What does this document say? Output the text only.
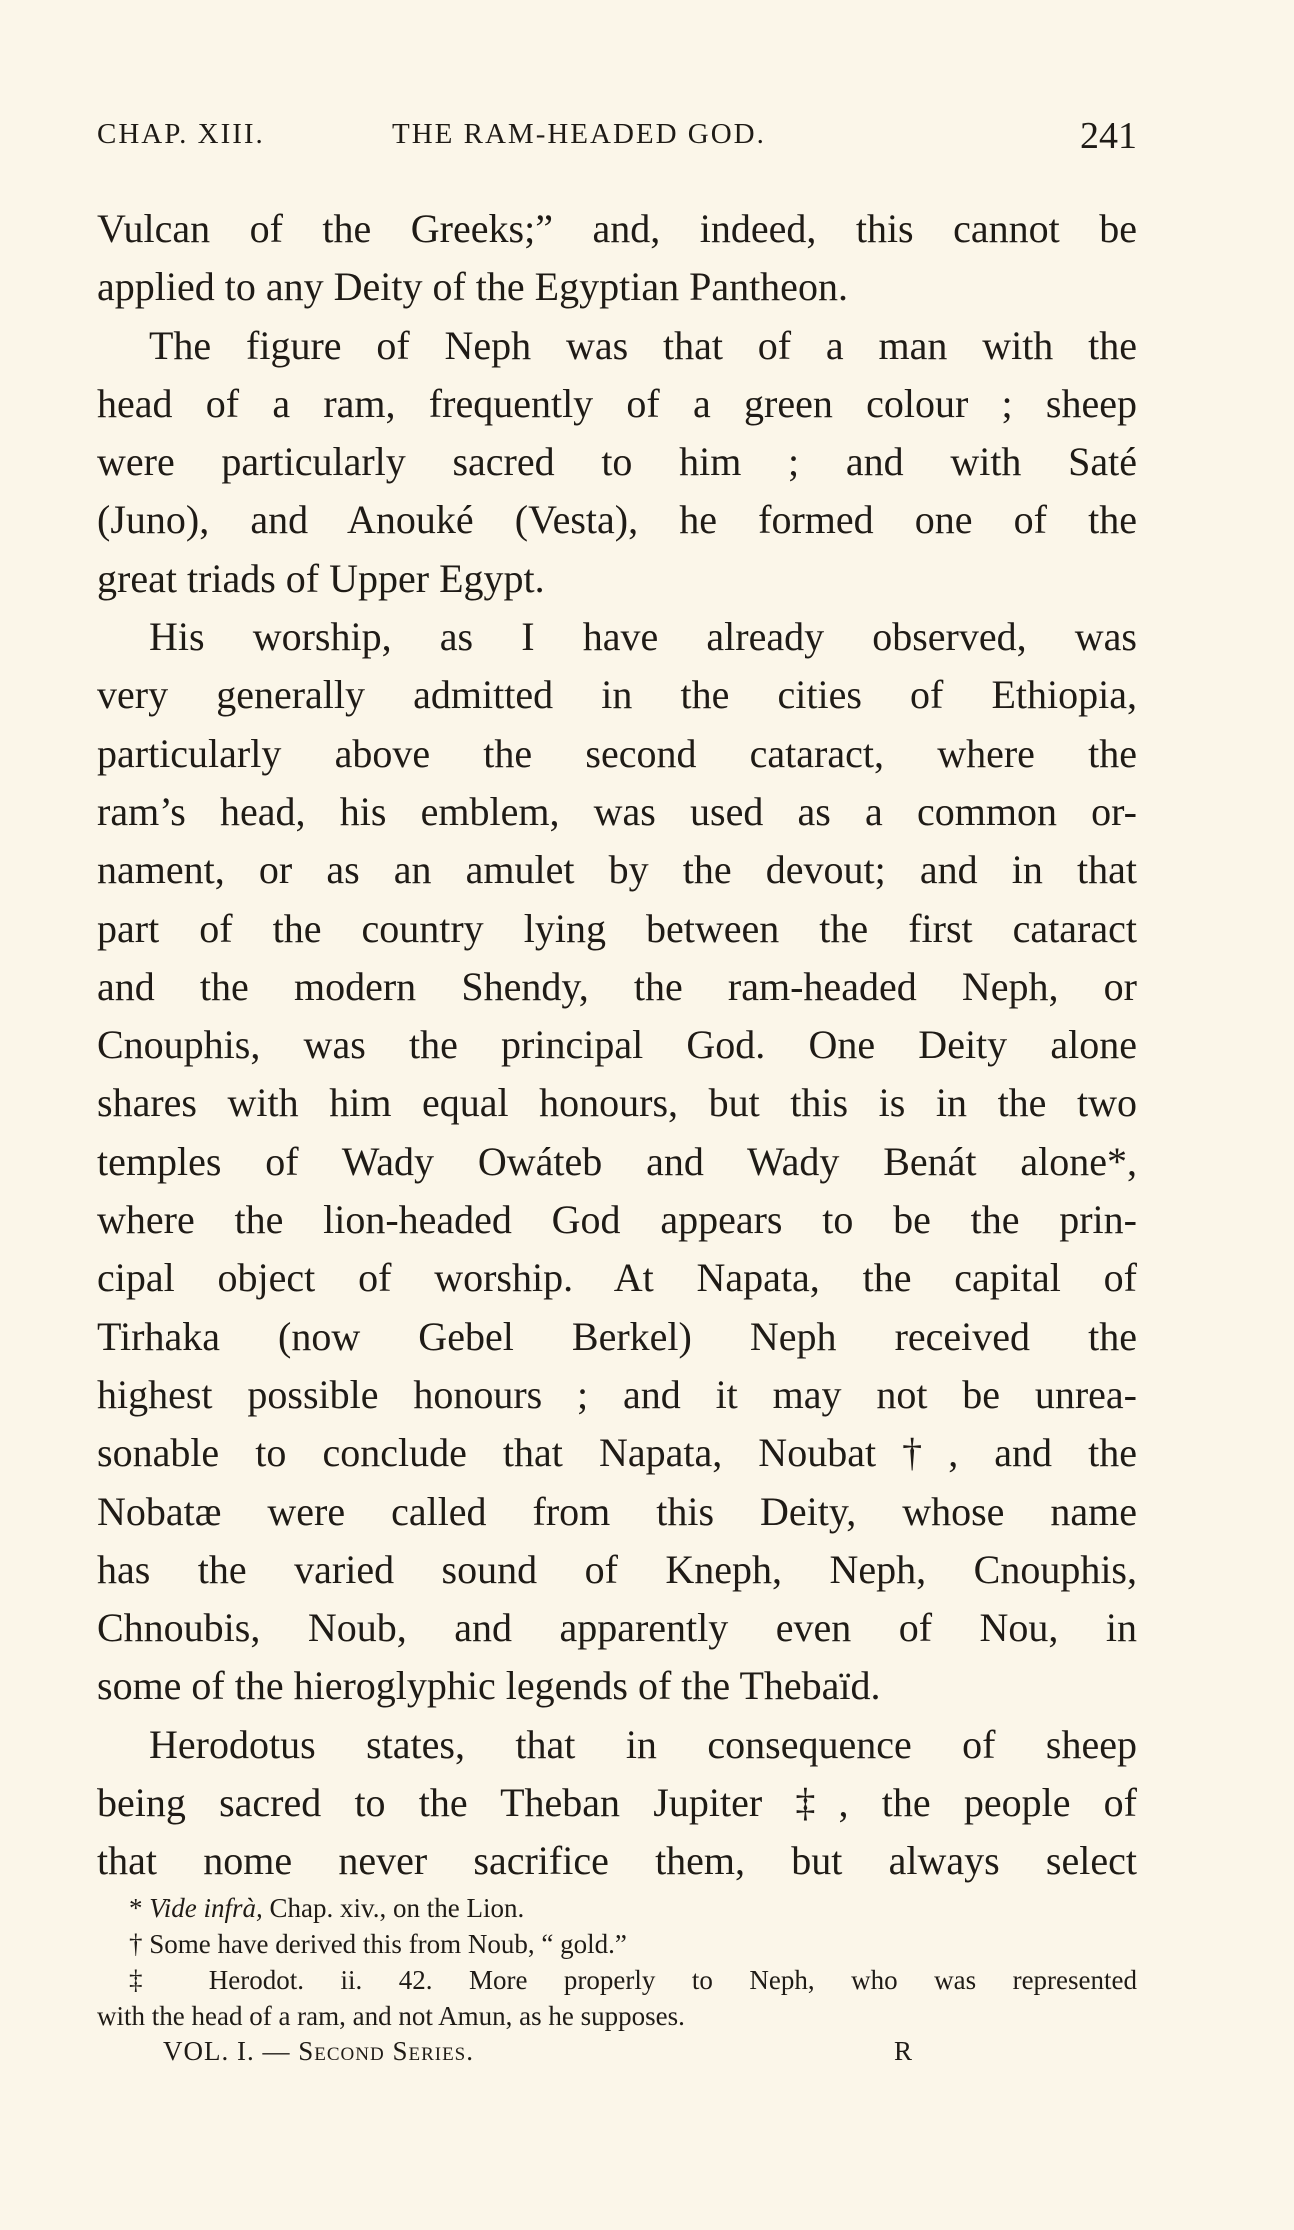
CHAP. XIII.	THE RAM-HEADED GOD.	241
Vulcan of the Greeks;” and, indeed, this cannot be
applied to any Deity of the Egyptian Pantheon.
The figure of Neph was that of a man with the
head of a ram, frequently of a green colour ; sheep
were particularly sacred to him ; and with Saté
(Juno), and Anouké (Vesta), he formed one of the
great triads of Upper Egypt.
His worship, as I have already observed, was
very generally admitted in the cities of Ethiopia,
particularly above the second cataract, where the
ram’s head, his emblem, was used as a common or-
nament, or as an amulet by the devout; and in that
part of the country lying between the first cataract
and the modern Shendy, the ram-headed Neph, or
Cnouphis, was the principal God. One Deity alone
shares with him equal honours, but this is in the two
temples of Wady Owáteb and Wady Benát alone*,
where the lion-headed God appears to be the prin-
cipal object of worship. At Napata, the capital of
Tirhaka (now Gebel Berkel) Neph received the
highest possible honours ; and it may not be unrea-
sonable to conclude that Napata, Noubat†, and the
Nobatæ were called from this Deity, whose name
has the varied sound of Kneph, Neph, Cnouphis,
Chnoubis, Noub, and apparently even of Nou, in
some of the hieroglyphic legends of the Thebaïd.
Herodotus states, that in consequence of sheep
being sacred to the Theban Jupiter ‡, the people of
that nome never sacrifice them, but always select
* Vide infrà, Chap. xiv., on the Lion.
† Some have derived this from Noub, “ gold.”
‡ Herodot. ii. 42. More properly to Neph, who was represented
with the head of a ram, and not Amun, as he supposes.
VOL. I. — Second Series.	R
